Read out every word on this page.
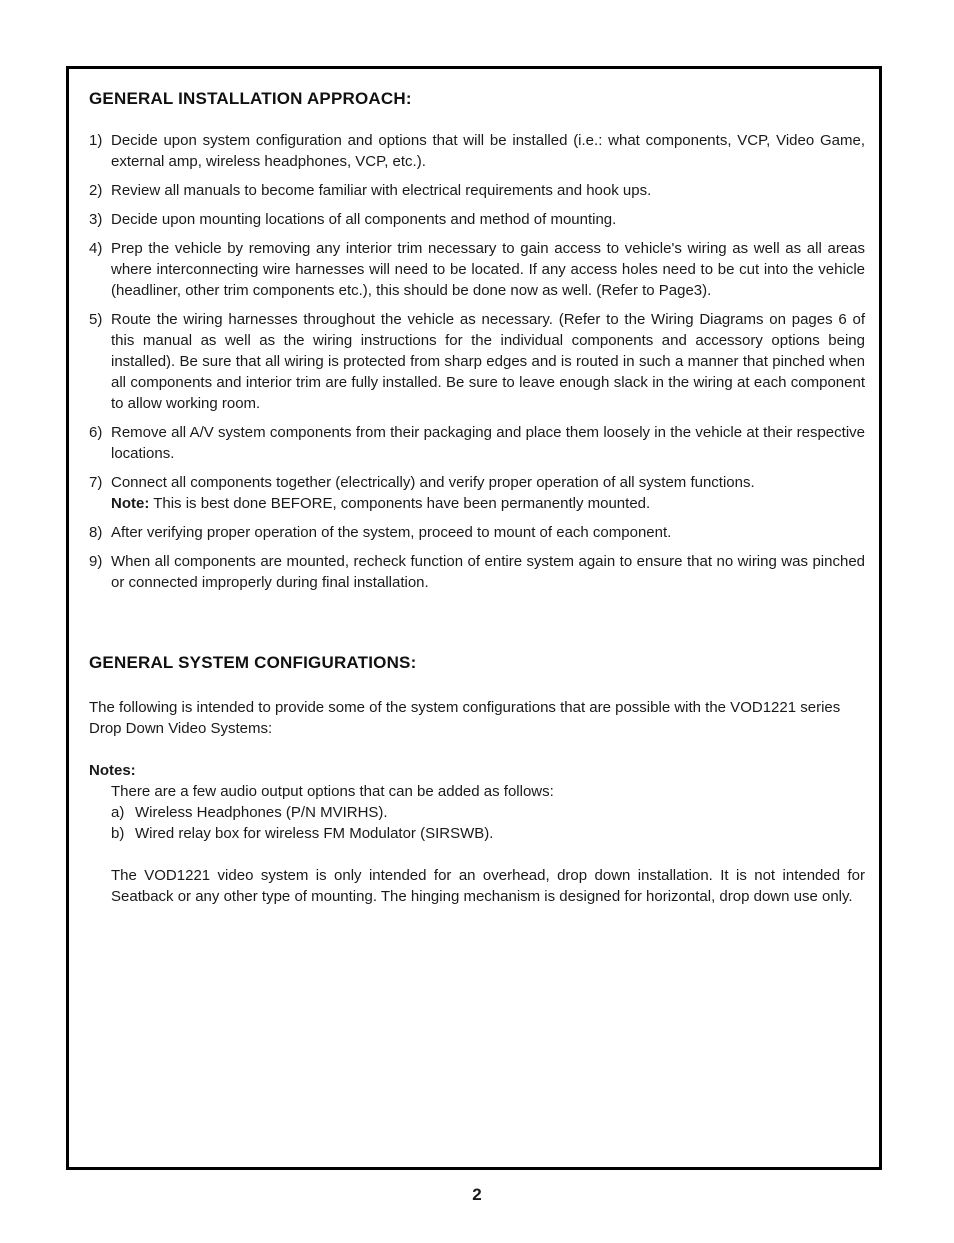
GENERAL INSTALLATION APPROACH:
1) Decide upon system configuration and options that will be installed (i.e.: what components, VCP, Video Game, external amp, wireless headphones, VCP, etc.).
2) Review all manuals to become familiar with electrical requirements and hook ups.
3) Decide upon mounting locations of all components and method of mounting.
4) Prep the vehicle by removing any interior trim necessary to gain access to vehicle's wiring as well as all areas where interconnecting wire harnesses will need to be located. If any access holes need to be cut into the vehicle (headliner, other trim components etc.), this should be done now as well. (Refer to Page3).
5) Route the wiring harnesses throughout the vehicle as necessary. (Refer to the Wiring Diagrams on pages 6 of this manual as well as the wiring instructions for the individual components and accessory options being installed). Be sure that all wiring is protected from sharp edges and is routed in such a manner that pinched when all components and interior trim are fully installed. Be sure to leave enough slack in the wiring at each component to allow working room.
6) Remove all A/V system components from their packaging and place them loosely in the vehicle at their respective locations.
7) Connect all components together (electrically) and verify proper operation of all system functions.
Note: This is best done BEFORE, components have been permanently mounted.
8) After verifying proper operation of the system, proceed to mount of each component.
9) When all components are mounted, recheck function of entire system again to ensure that no wiring was pinched or connected improperly during final installation.
GENERAL SYSTEM CONFIGURATIONS:

The following is intended to provide some of the system configurations that are possible with the VOD1221 series Drop Down Video Systems:

Notes:

There are a few audio output options that can be added as follows:

a) Wireless Headphones (P/N MVIRHS).
b) Wired relay box for wireless FM Modulator (SIRSWB).

The VOD1221 video system is only intended for an overhead, drop down installation. It is not intended for Seatback or any other type of mounting. The hinging mechanism is designed for horizontal, drop down use only.

2
